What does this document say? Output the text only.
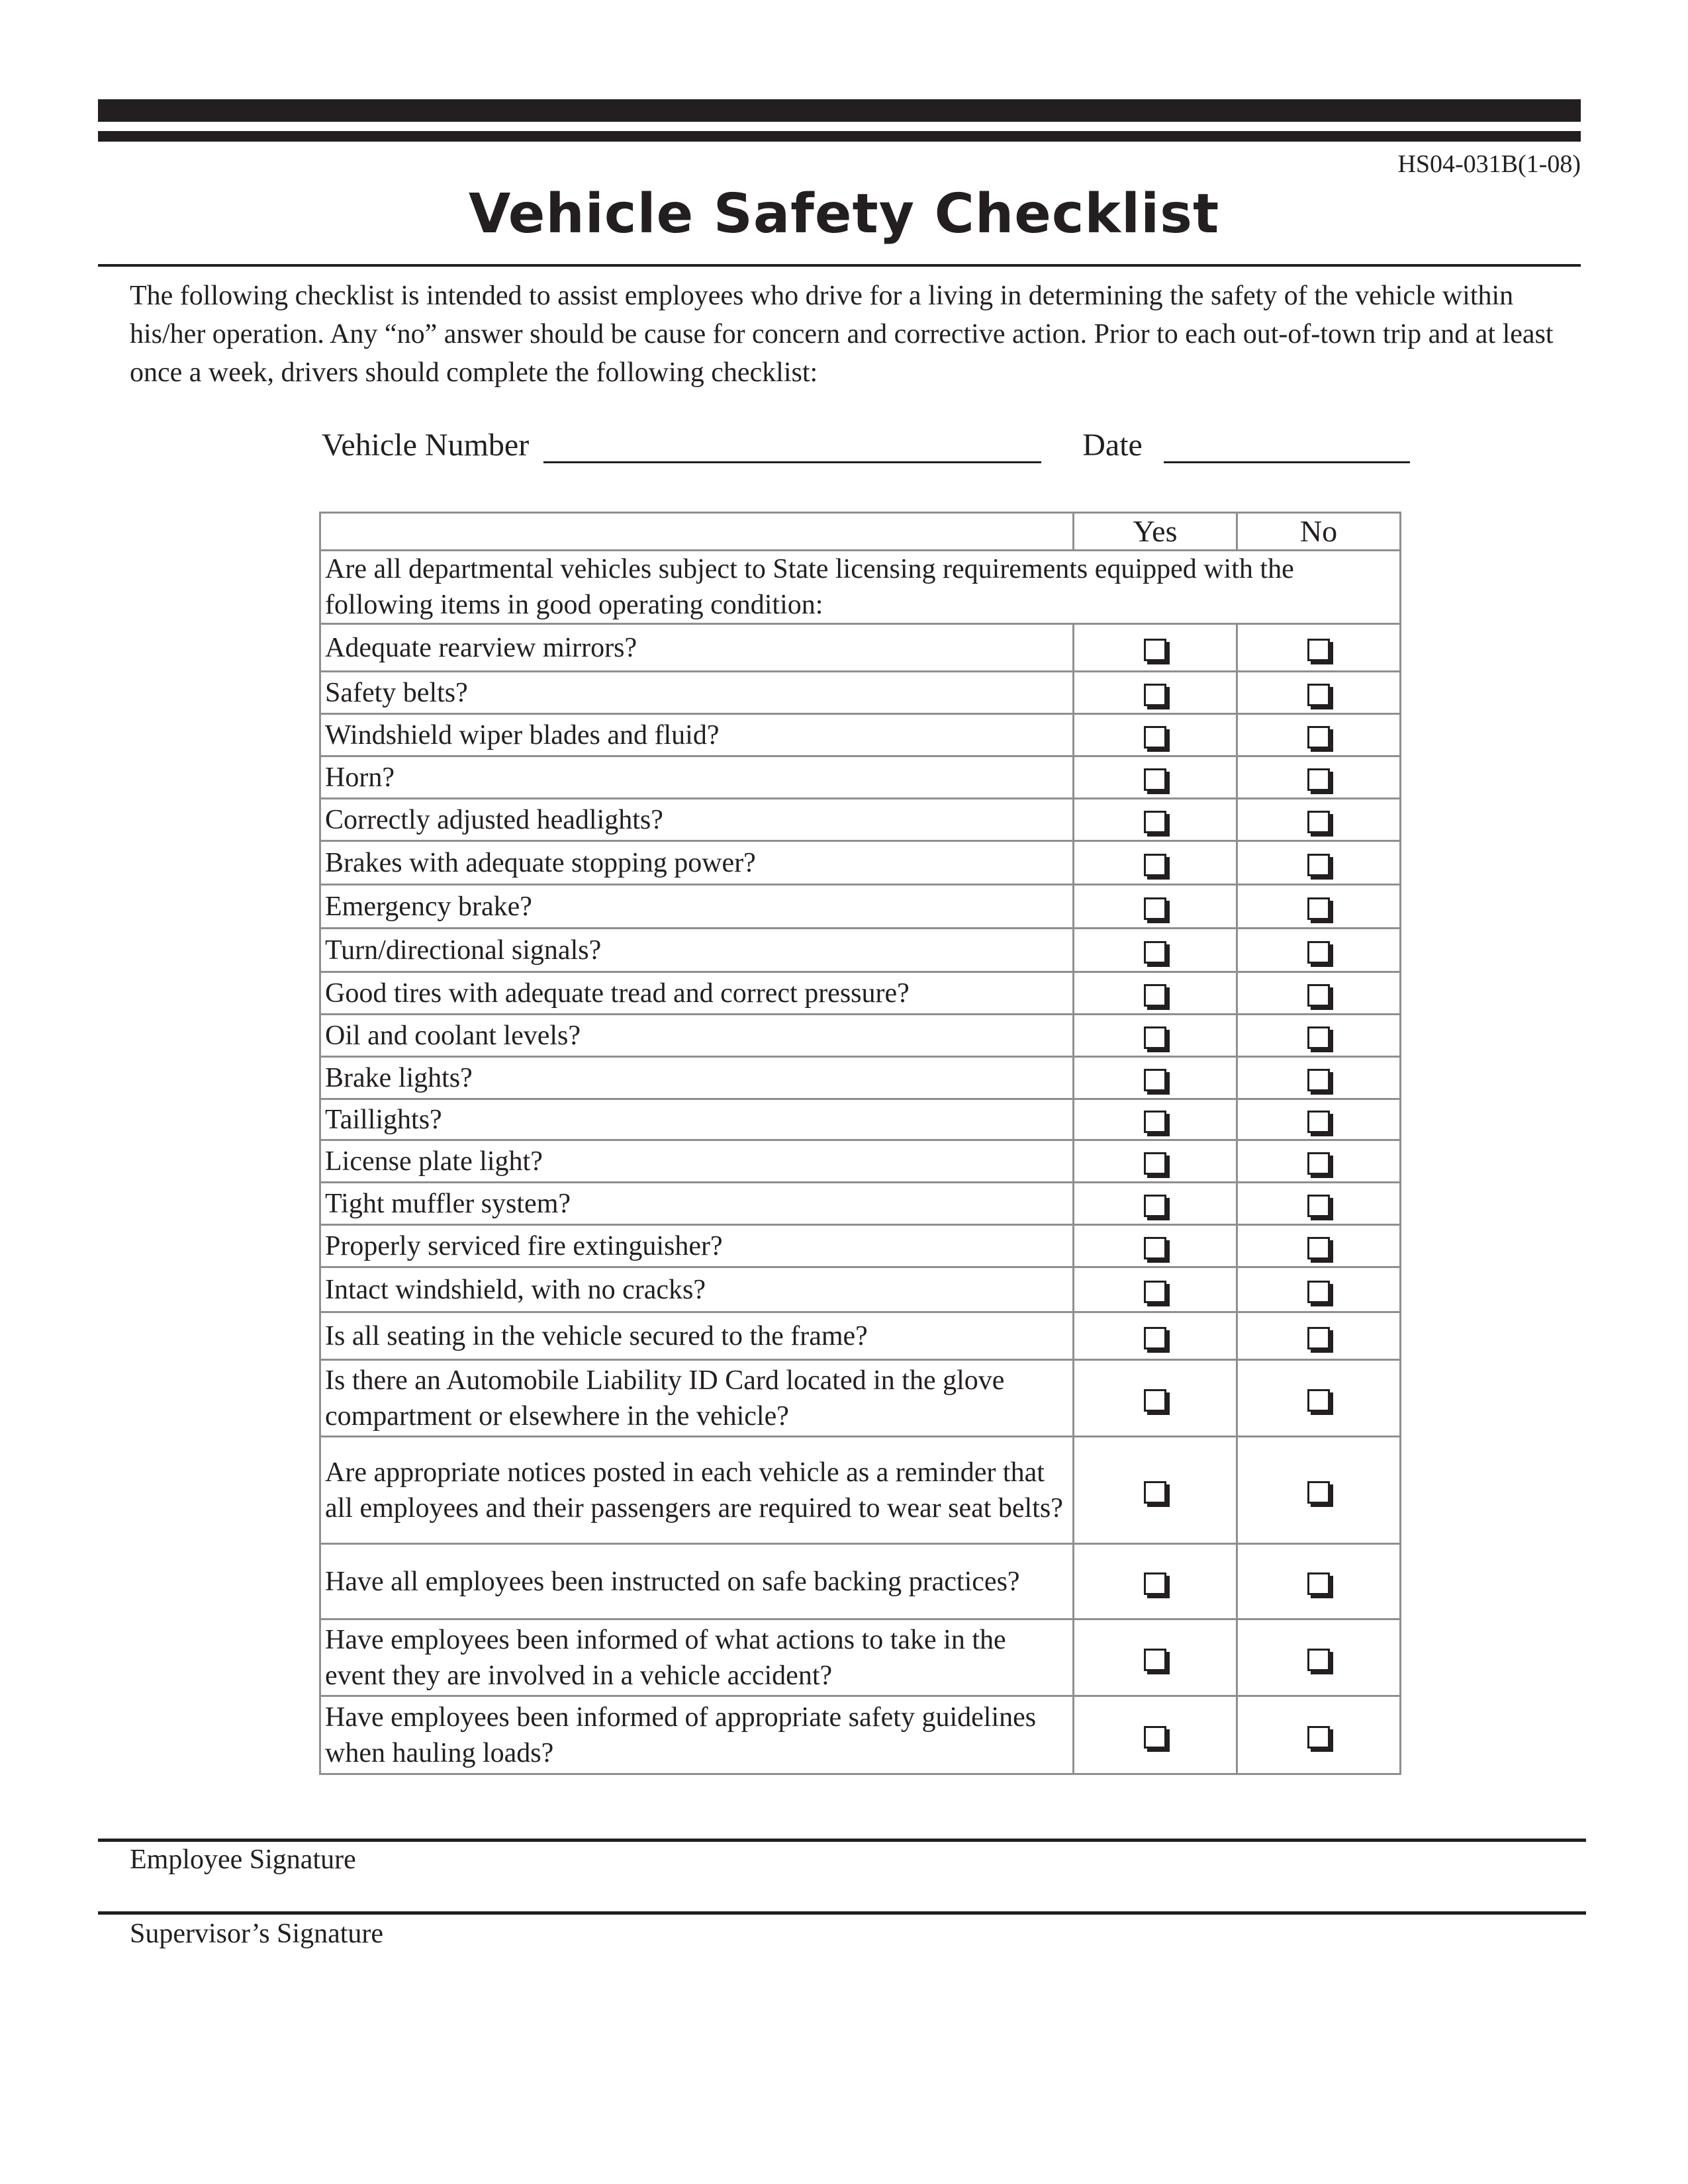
HS04-031B(1-08)
Vehicle Safety Checklist

The following checklist is intended to assist employees who drive for a living in determining the safety of the vehicle within his/her operation. Any “no” answer should be cause for concern and corrective action. Prior to each out-of-town trip and at least once a week, drivers should complete the following checklist:

Vehicle Number	Date
	Yes	No
Are all departmental vehicles subject to State licensing requirements equipped with the following items in good operating condition:		
Adequate rearview mirrors?		
Safety belts?		
Windshield wiper blades and fluid?		
Horn?		
Correctly adjusted headlights?		
Brakes with adequate stopping power?		
Emergency brake?		
Turn/directional signals?		
Good tires with adequate tread and correct pressure?		
Oil and coolant levels?		
Brake lights?		
Taillights?		
License plate light?		
Tight muffler system?		
Properly serviced fire extinguisher?		
Intact windshield, with no cracks?		
Is all seating in the vehicle secured to the frame?		
Is there an Automobile Liability ID Card located in the glove compartment or elsewhere in the vehicle?		
Are appropriate notices posted in each vehicle as a reminder that all employees and their passengers are required to wear seat belts?		
Have all employees been instructed on safe backing practices?		
Have employees been informed of what actions to take in the event they are involved in a vehicle accident?		
Have employees been informed of appropriate safety guidelines when hauling loads?		
Employee Signature
Supervisor’s Signature
